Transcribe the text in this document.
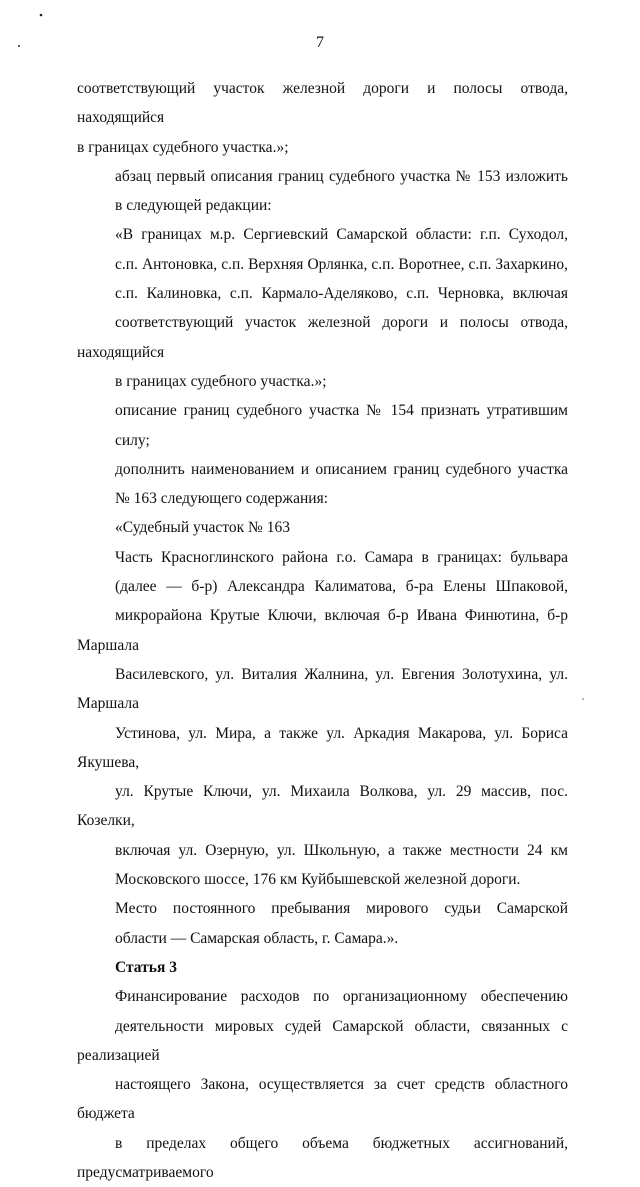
7

соответствующий участок железной дороги и полосы отвода, находящийся
в границах судебного участка.»;

абзац первый описания границ судебного участка № 153 изложить
в следующей редакции:

«В границах м.р. Сергиевский Самарской области: г.п. Суходол,
с.п. Антоновка, с.п. Верхняя Орлянка, с.п. Воротнее, с.п. Захаркино,
с.п. Калиновка, с.п. Кармало-Аделяково, с.п. Черновка, включая
соответствующий участок железной дороги и полосы отвода, находящийся
в границах судебного участка.»;

описание границ судебного участка № 154 признать утратившим
силу;

дополнить наименованием и описанием границ судебного участка
№ 163 следующего содержания:

«Судебный участок № 163

Часть Красноглинского района г.о. Самара в границах: бульвара
(далее — б-р) Александра Калиматова, б-ра Елены Шпаковой,
микрорайона Крутые Ключи, включая б-р Ивана Финютина, б-р Маршала
Василевского, ул. Виталия Жалнина, ул. Евгения Золотухина, ул. Маршала
Устинова, ул. Мира, а также ул. Аркадия Макарова, ул. Бориса Якушева,
ул. Крутые Ключи, ул. Михаила Волкова, ул. 29 массив, пос. Козелки,
включая ул. Озерную, ул. Школьную, а также местности 24 км
Московского шоссе, 176 км Куйбышевской железной дороги.

Место постоянного пребывания мирового судьи Самарской
области — Самарская область, г. Самара.».

Статья 3

Финансирование расходов по организационному обеспечению
деятельности мировых судей Самарской области, связанных с реализацией
настоящего Закона, осуществляется за счет средств областного бюджета
в пределах общего объема бюджетных ассигнований, предусматриваемого
